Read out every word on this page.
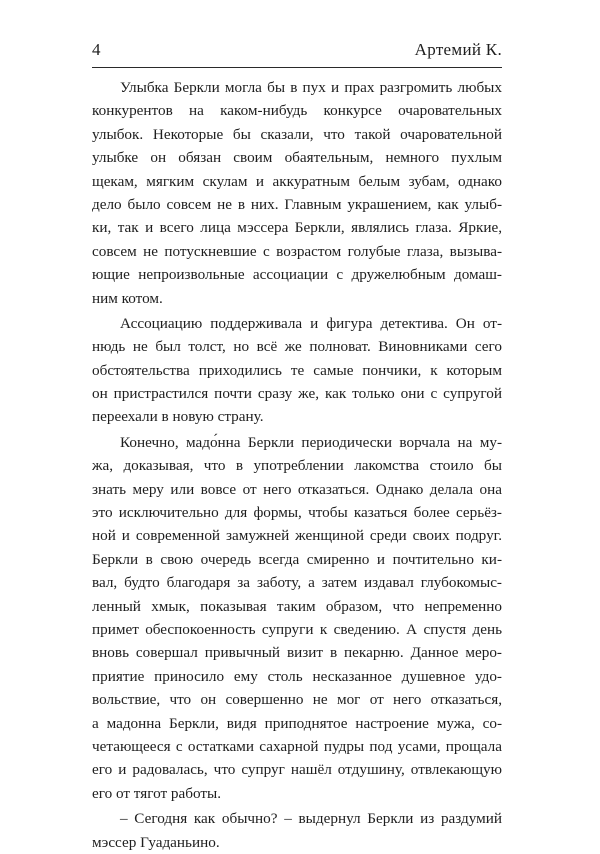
4	Артемий К.
Улыбка Беркли могла бы в пух и прах разгромить любых
конкурентов на каком-нибудь конкурсе очаровательных
улыбок. Некоторые бы сказали, что такой очаровательной
улыбке он обязан своим обаятельным, немного пухлым
щекам, мягким скулам и аккуратным белым зубам, однако
дело было совсем не в них. Главным украшением, как улыб-
ки, так и всего лица мэссера Беркли, являлись глаза. Яркие,
совсем не потускневшие с возрастом голубые глаза, вызыва-
ющие непроизвольные ассоциации с дружелюбным домаш-
ним котом.
Ассоциацию поддерживала и фигура детектива. Он от-
нюдь не был толст, но всё же полноват. Виновниками сего
обстоятельства приходились те самые пончики, к которым
он пристрастился почти сразу же, как только они с супругой
переехали в новую страну.
Конечно, мадо́нна Беркли периодически ворчала на му-
жа, доказывая, что в употреблении лакомства стоило бы
знать меру или вовсе от него отказаться. Однако делала она
это исключительно для формы, чтобы казаться более серьёз-
ной и современной замужней женщиной среди своих подруг.
Беркли в свою очередь всегда смиренно и почтительно ки-
вал, будто благодаря за заботу, а затем издавал глубокомыс-
ленный хмык, показывая таким образом, что непременно
примет обеспокоенность супруги к сведению. А спустя день
вновь совершал привычный визит в пекарню. Данное меро-
приятие приносило ему столь несказанное душевное удо-
вольствие, что он совершенно не мог от него отказаться,
а мадонна Беркли, видя приподнятое настроение мужа, со-
четающееся с остатками сахарной пудры под усами, прощала
его и радовалась, что супруг нашёл отдушину, отвлекающую
его от тягот работы.
– Сегодня как обычно? – выдернул Беркли из раздумий
мэссер Гуаданьино.
